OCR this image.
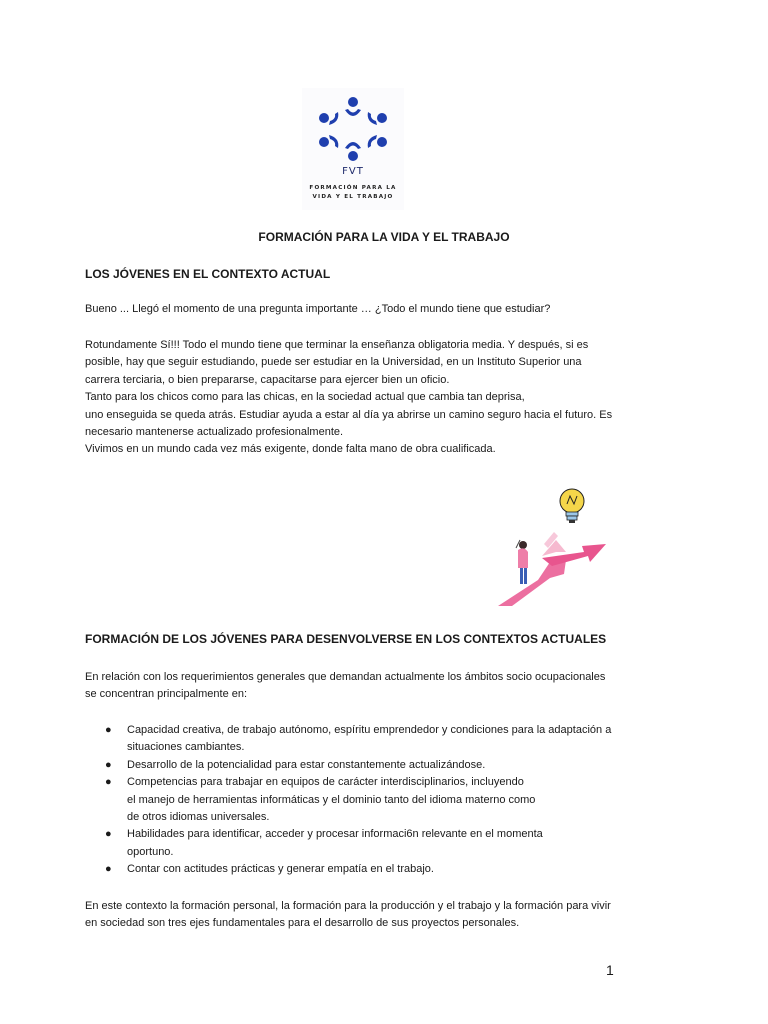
FVT
FORMACIÓN PARA LA
VIDA Y EL TRABAJO
FORMACIÓN PARA LA VIDA Y EL TRABAJO
LOS JÓVENES EN EL CONTEXTO ACTUAL

Bueno ... Llegó el momento de una pregunta importante … ¿Todo el mundo tiene que estudiar?

Rotundamente Sí!!! Todo el mundo tiene que terminar la enseñanza obligatoria media. Y después, si es
posible, hay que seguir estudiando, puede ser estudiar en la Universidad, en un Instituto Superior una
carrera terciaria, o bien prepararse, capacitarse para ejercer bien un oficio.
Tanto para los chicos como para las chicas, en la sociedad actual que cambia tan deprisa,
uno enseguida se queda atrás. Estudiar ayuda a estar al día ya abrirse un camino seguro hacia el futuro. Es
necesario mantenerse actualizado profesionalmente.
Vivimos en un mundo cada vez más exigente, donde falta mano de obra cualificada.

FORMACIÓN DE LOS JÓVENES PARA DESENVOLVERSE EN LOS CONTEXTOS ACTUALES

En relación con los requerimientos generales que demandan actualmente los ámbitos socio ocupacionales
se concentran principalmente en:

● Capacidad creativa, de trabajo autónomo, espíritu emprendedor y condiciones para la adaptación a
situaciones cambiantes.
● Desarrollo de la potencialidad para estar constantemente actualizándose.
● Competencias para trabajar en equipos de carácter interdisciplinarios, incluyendo
el manejo de herramientas informáticas y el dominio tanto del idioma materno como
de otros idiomas universales.
● Habilidades para identificar, acceder y procesar informaci6n relevante en el momenta
oportuno.
● Contar con actitudes prácticas y generar empatía en el trabajo.

En este contexto la formación personal, la formación para la producción y el trabajo y la formación para vivir
en sociedad son tres ejes fundamentales para el desarrollo de sus proyectos personales.

1
